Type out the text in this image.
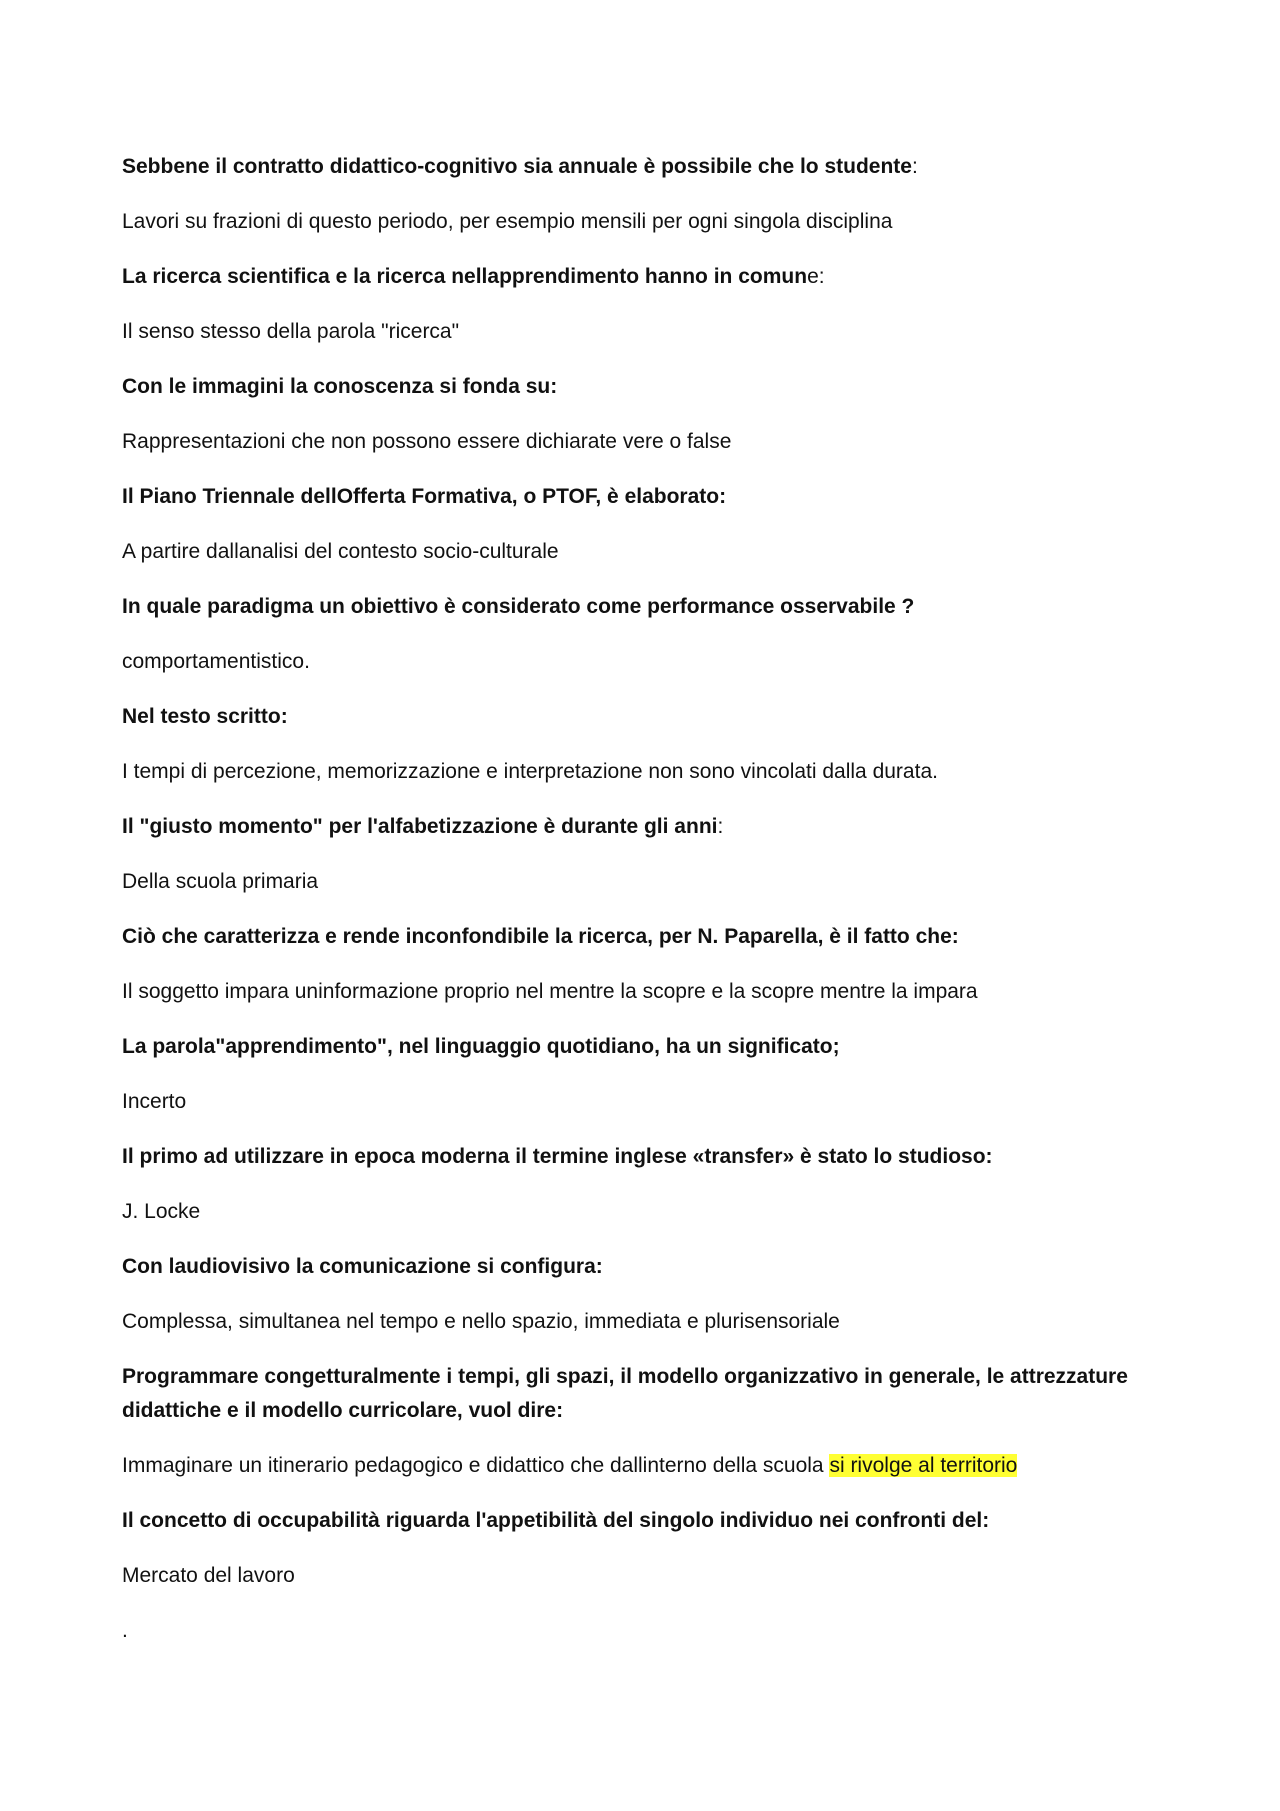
Sebbene il contratto didattico-cognitivo sia annuale è possibile che lo studente:

Lavori su frazioni di questo periodo, per esempio mensili per ogni singola disciplina

La ricerca scientifica e la ricerca nellapprendimento hanno in comune:

Il senso stesso della parola "ricerca"

Con le immagini la conoscenza si fonda su:

Rappresentazioni che non possono essere dichiarate vere o false

Il Piano Triennale dellOfferta Formativa, o PTOF, è elaborato:

A partire dallanalisi del contesto socio-culturale

In quale paradigma un obiettivo è considerato come performance osservabile ?

comportamentistico.

Nel testo scritto:

I tempi di percezione, memorizzazione e interpretazione non sono vincolati dalla durata.

Il "giusto momento" per l'alfabetizzazione è durante gli anni:

Della scuola primaria

Ciò che caratterizza e rende inconfondibile la ricerca, per N. Paparella, è il fatto che:

Il soggetto impara uninformazione proprio nel mentre la scopre e la scopre mentre la impara

La parola"apprendimento", nel linguaggio quotidiano, ha un significato;

Incerto

Il primo ad utilizzare in epoca moderna il termine inglese «transfer» è stato lo studioso:

J. Locke

Con laudiovisivo la comunicazione si configura:

Complessa, simultanea nel tempo e nello spazio, immediata e plurisensoriale

Programmare congetturalmente i tempi, gli spazi, il modello organizzativo in generale, le attrezzature didattiche e il modello curricolare, vuol dire:

Immaginare un itinerario pedagogico e didattico che dallinterno della scuola si rivolge al territorio

Il concetto di occupabilità riguarda l'appetibilità del singolo individuo nei confronti del:

Mercato del lavoro

.
